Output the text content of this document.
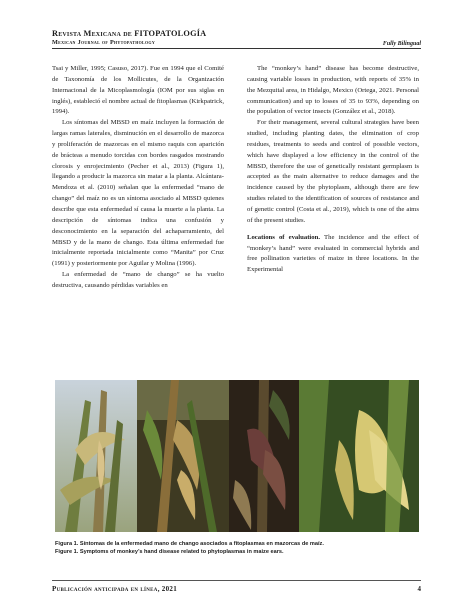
Revista Mexicana de FITOPATOLOGÍA
Mexican Journal of Phytopathology	Fully Bilingual

Tsai y Miller, 1995; Casuso, 2017). Fue en 1994 que el Comité de Taxonomía de los Mollicutes, de la Organización Internacional de la Micoplasmología (IOM por sus siglas en inglés), estableció el nombre actual de fitoplasmas (Kirkpatrick, 1994).

Los síntomas del MBSD en maíz incluyen la formación de largas ramas laterales, disminución en el desarrollo de mazorca y proliferación de mazorcas en el mismo raquis con aparición de brácteas a menudo torcidas con bordes rasgados mostrando clorosis y enrojecimiento (Pecher et al., 2013) (Figura 1), llegando a producir la mazorca sin matar a la planta. Alcántara-Mendoza et al. (2010) señalan que la enfermedad “mano de chango” del maíz no es un síntoma asociado al MBSD quienes describe que esta enfermedad sí causa la muerte a la planta. La descripción de síntomas indica una confusión y desconocimiento en la separación del achaparramiento, del MBSD y de la mano de chango. Esta última enfermedad fue inicialmente reportada inicialmente como “Manita” por Cruz (1991) y posteriormente por Aguilar y Molina (1996).

La enfermedad de “mano de chango” se ha vuelto destructiva, causando pérdidas variables en

The “monkey’s hand” disease has become destructive, causing variable losses in production, with reports of 35% in the Mezquital area, in Hidalgo, Mexico (Ortega, 2021. Personal communication) and up to losses of 35 to 93%, depending on the population of vector insects (González et al., 2018).

For their management, several cultural strategies have been studied, including planting dates, the elimination of crop residues, treatments to seeds and control of possible vectors, which have displayed a low efficiency in the control of the MBSD, therefore the use of genetically resistant germplasm is accepted as the main alternative to reduce damages and the incidence caused by the phytoplasm, although there are few studies related to the identification of sources of resistance and of genetic control (Costa et al., 2019), which is one of the aims of the present studies.

Locations of evaluation. The incidence and the effect of “monkey’s hand” were evaluated in commercial hybrids and free pollination varieties of maize in three locations. In the Experimental

Figura 1. Síntomas de la enfermedad mano de chango asociados a fitoplasmas en mazorcas de maíz.
Figure 1. Symptoms of monkey’s hand disease related to phytoplasmas in maize ears.
Publicación anticipada en línea, 2021	4
